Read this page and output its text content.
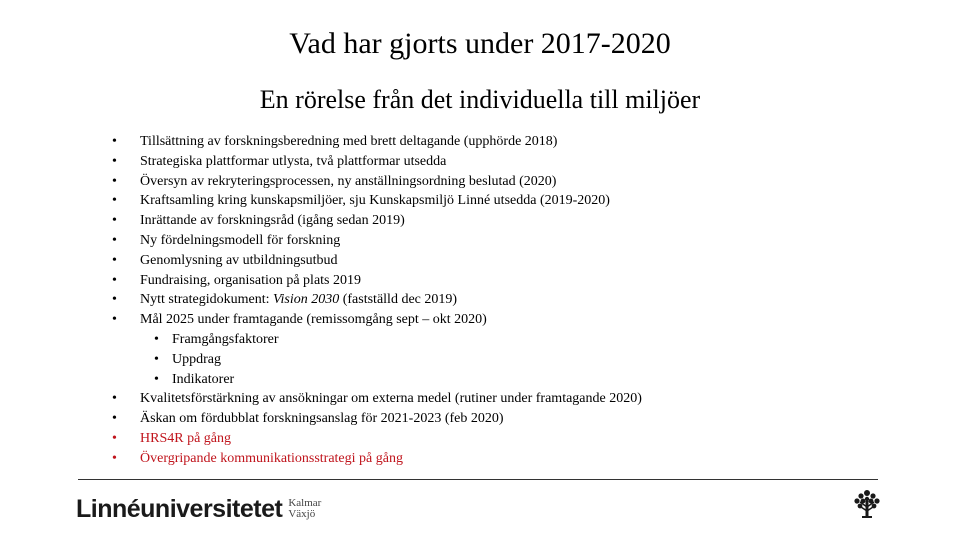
Vad har gjorts under 2017-2020
En rörelse från det individuella till miljöer
•	Tillsättning av forskningsberedning med brett deltagande (upphörde 2018)
•	Strategiska plattformar utlysta, två plattformar utsedda
•	Översyn av rekryteringsprocessen, ny anställningsordning beslutad (2020)
•	Kraftsamling kring kunskapsmiljöer, sju Kunskapsmiljö Linné utsedda (2019-2020)
•	Inrättande av forskningsråd (igång sedan 2019)
•	Ny fördelningsmodell för forskning
•	Genomlysning av utbildningsutbud
•	Fundraising, organisation på plats 2019
•	Nytt strategidokument: Vision 2030 (fastställd dec 2019)
•	Mål 2025 under framtagande (remissomgång sept – okt 2020)
• Framgångsfaktorer
• Uppdrag
• Indikatorer
•	Kvalitetsförstärkning av ansökningar om externa medel (rutiner under framtagande 2020)
•	Äskan om fördubblat forskningsanslag för 2021-2023 (feb 2020)
•	HRS4R på gång
•	Övergripande kommunikationsstrategi på gång
Linnéuniversitetet Kalmar
Växjö
